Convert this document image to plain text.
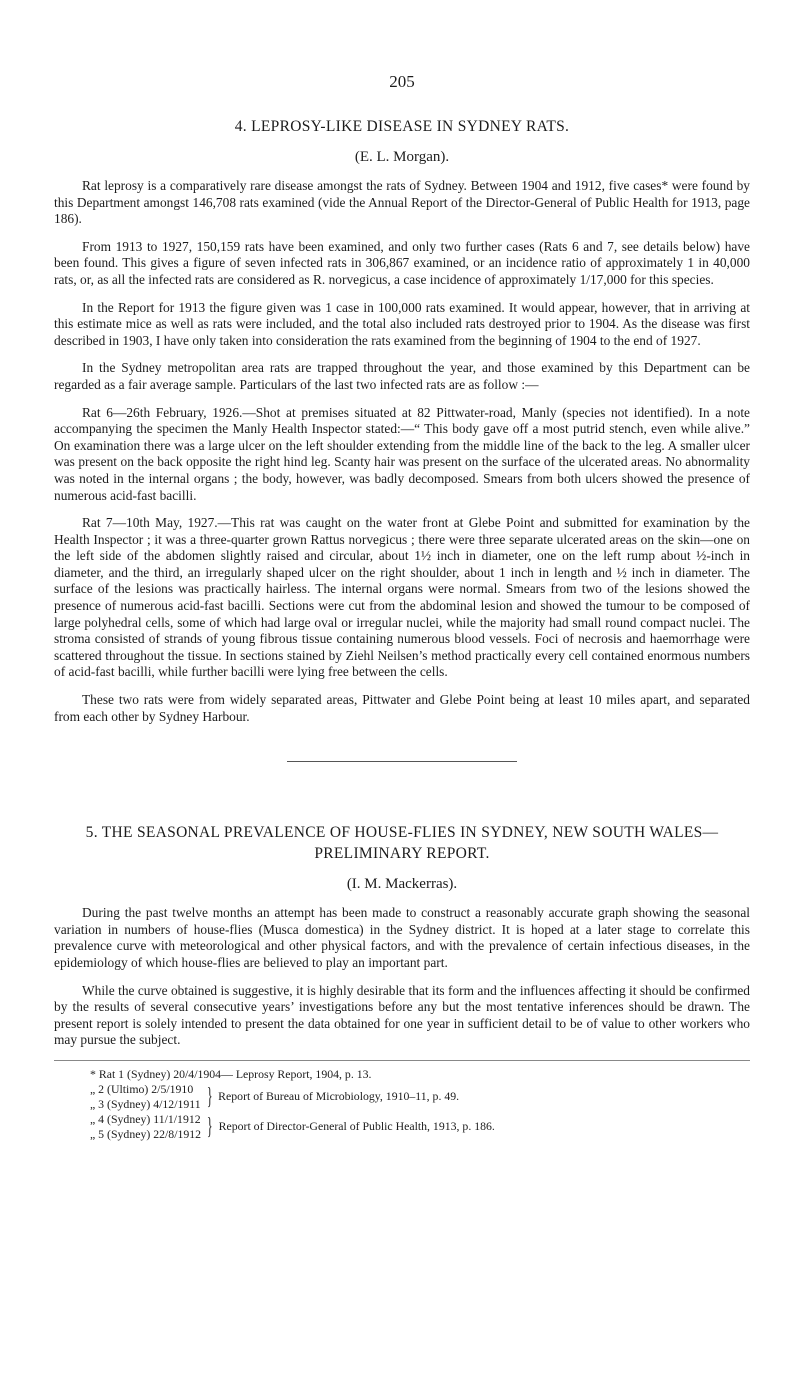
205
4. LEPROSY-LIKE DISEASE IN SYDNEY RATS.
(E. L. Morgan).

Rat leprosy is a comparatively rare disease amongst the rats of Sydney. Between 1904 and 1912, five cases* were found by this Department amongst 146,708 rats examined (vide the Annual Report of the Director-General of Public Health for 1913, page 186).

From 1913 to 1927, 150,159 rats have been examined, and only two further cases (Rats 6 and 7, see details below) have been found. This gives a figure of seven infected rats in 306,867 examined, or an incidence ratio of approximately 1 in 40,000 rats, or, as all the infected rats are considered as R. norvegicus, a case incidence of approximately 1/17,000 for this species.

In the Report for 1913 the figure given was 1 case in 100,000 rats examined. It would appear, however, that in arriving at this estimate mice as well as rats were included, and the total also included rats destroyed prior to 1904. As the disease was first described in 1903, I have only taken into consideration the rats examined from the beginning of 1904 to the end of 1927.

In the Sydney metropolitan area rats are trapped throughout the year, and those examined by this Department can be regarded as a fair average sample. Particulars of the last two infected rats are as follow :—

Rat 6—26th February, 1926.—Shot at premises situated at 82 Pittwater-road, Manly (species not identified). In a note accompanying the specimen the Manly Health Inspector stated:—“ This body gave off a most putrid stench, even while alive.” On examination there was a large ulcer on the left shoulder extending from the middle line of the back to the leg. A smaller ulcer was present on the back opposite the right hind leg. Scanty hair was present on the surface of the ulcerated areas. No abnormality was noted in the internal organs ; the body, however, was badly decomposed. Smears from both ulcers showed the presence of numerous acid-fast bacilli.

Rat 7—10th May, 1927.—This rat was caught on the water front at Glebe Point and submitted for examination by the Health Inspector ; it was a three-quarter grown Rattus norvegicus ; there were three separate ulcerated areas on the skin—one on the left side of the abdomen slightly raised and circular, about 1½ inch in diameter, one on the left rump about ½-inch in diameter, and the third, an irregularly shaped ulcer on the right shoulder, about 1 inch in length and ½ inch in diameter. The surface of the lesions was practically hairless. The internal organs were normal. Smears from two of the lesions showed the presence of numerous acid-fast bacilli. Sections were cut from the abdominal lesion and showed the tumour to be composed of large polyhedral cells, some of which had large oval or irregular nuclei, while the majority had small round compact nuclei. The stroma consisted of strands of young fibrous tissue containing numerous blood vessels. Foci of necrosis and haemorrhage were scattered throughout the tissue. In sections stained by Ziehl Neilsen’s method practically every cell contained enormous numbers of acid-fast bacilli, while further bacilli were lying free between the cells.

These two rats were from widely separated areas, Pittwater and Glebe Point being at least 10 miles apart, and separated from each other by Sydney Harbour.

5. THE SEASONAL PREVALENCE OF HOUSE-FLIES IN SYDNEY, NEW SOUTH WALES—
PRELIMINARY REPORT.
(I. M. Mackerras).

During the past twelve months an attempt has been made to construct a reasonably accurate graph showing the seasonal variation in numbers of house-flies (Musca domestica) in the Sydney district. It is hoped at a later stage to correlate this prevalence curve with meteorological and other physical factors, and with the prevalence of certain infectious diseases, in the epidemiology of which house-flies are believed to play an important part.

While the curve obtained is suggestive, it is highly desirable that its form and the influences affecting it should be confirmed by the results of several consecutive years’ investigations before any but the most tentative inferences should be drawn. The present report is solely intended to present the data obtained for one year in sufficient detail to be of value to other workers who may pursue the subject.

* Rat 1 (Sydney) 20/4/1904— Leprosy Report, 1904, p. 13.
„ 2 (Ultimo) 2/5/1910
„ 3 (Sydney) 4/12/1911 } Report of Bureau of Microbiology, 1910–11, p. 49.
„ 4 (Sydney) 11/1/1912
„ 5 (Sydney) 22/8/1912 } Report of Director-General of Public Health, 1913, p. 186.
